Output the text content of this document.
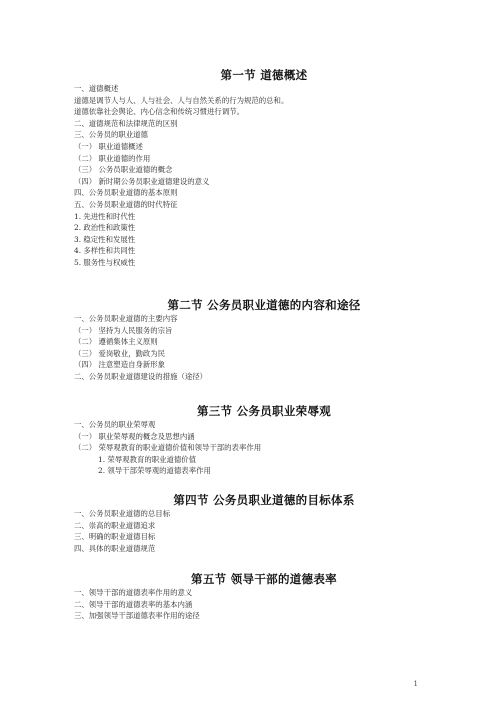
第一节 道德概述
一、道德概述
道德是调节人与人、人与社会、人与自然关系的行为规范的总和。
道德依靠社会舆论、内心信念和传统习惯进行调节。
二、道德规范和法律规范的区别
三、公务员的职业道德
（一） 职业道德概述
（二） 职业道德的作用
（三） 公务员职业道德的概念
（四） 新时期公务员职业道德建设的意义
四、公务员职业道德的基本原则
五、公务员职业道德的时代特征
1. 先进性和时代性
2. 政治性和政策性
3. 稳定性和发展性
4. 多样性和共同性
5. 服务性与权威性
第二节 公务员职业道德的内容和途径
一、公务员职业道德的主要内容
（一） 坚持为人民服务的宗旨
（二） 遵循集体主义原则
（三） 爱岗敬业，勤政为民
（四） 注意塑造自身新形象
二、公务员职业道德建设的措施（途径）
第三节 公务员职业荣辱观
一、公务员的职业荣辱观
（一） 职业荣辱观的概念及思想内涵
（二） 荣辱观教育的职业道德价值和领导干部的表率作用
1. 荣辱观教育的职业道德价值
2. 领导干部荣辱观的道德表率作用
第四节 公务员职业道德的目标体系
一、公务员职业道德的总目标
二、崇高的职业道德追求
三、明确的职业道德目标
四、具体的职业道德规范
第五节 领导干部的道德表率
一、领导干部的道德表率作用的意义
二、领导干部的道德表率的基本内涵
三、加强领导干部道德表率作用的途径
1
